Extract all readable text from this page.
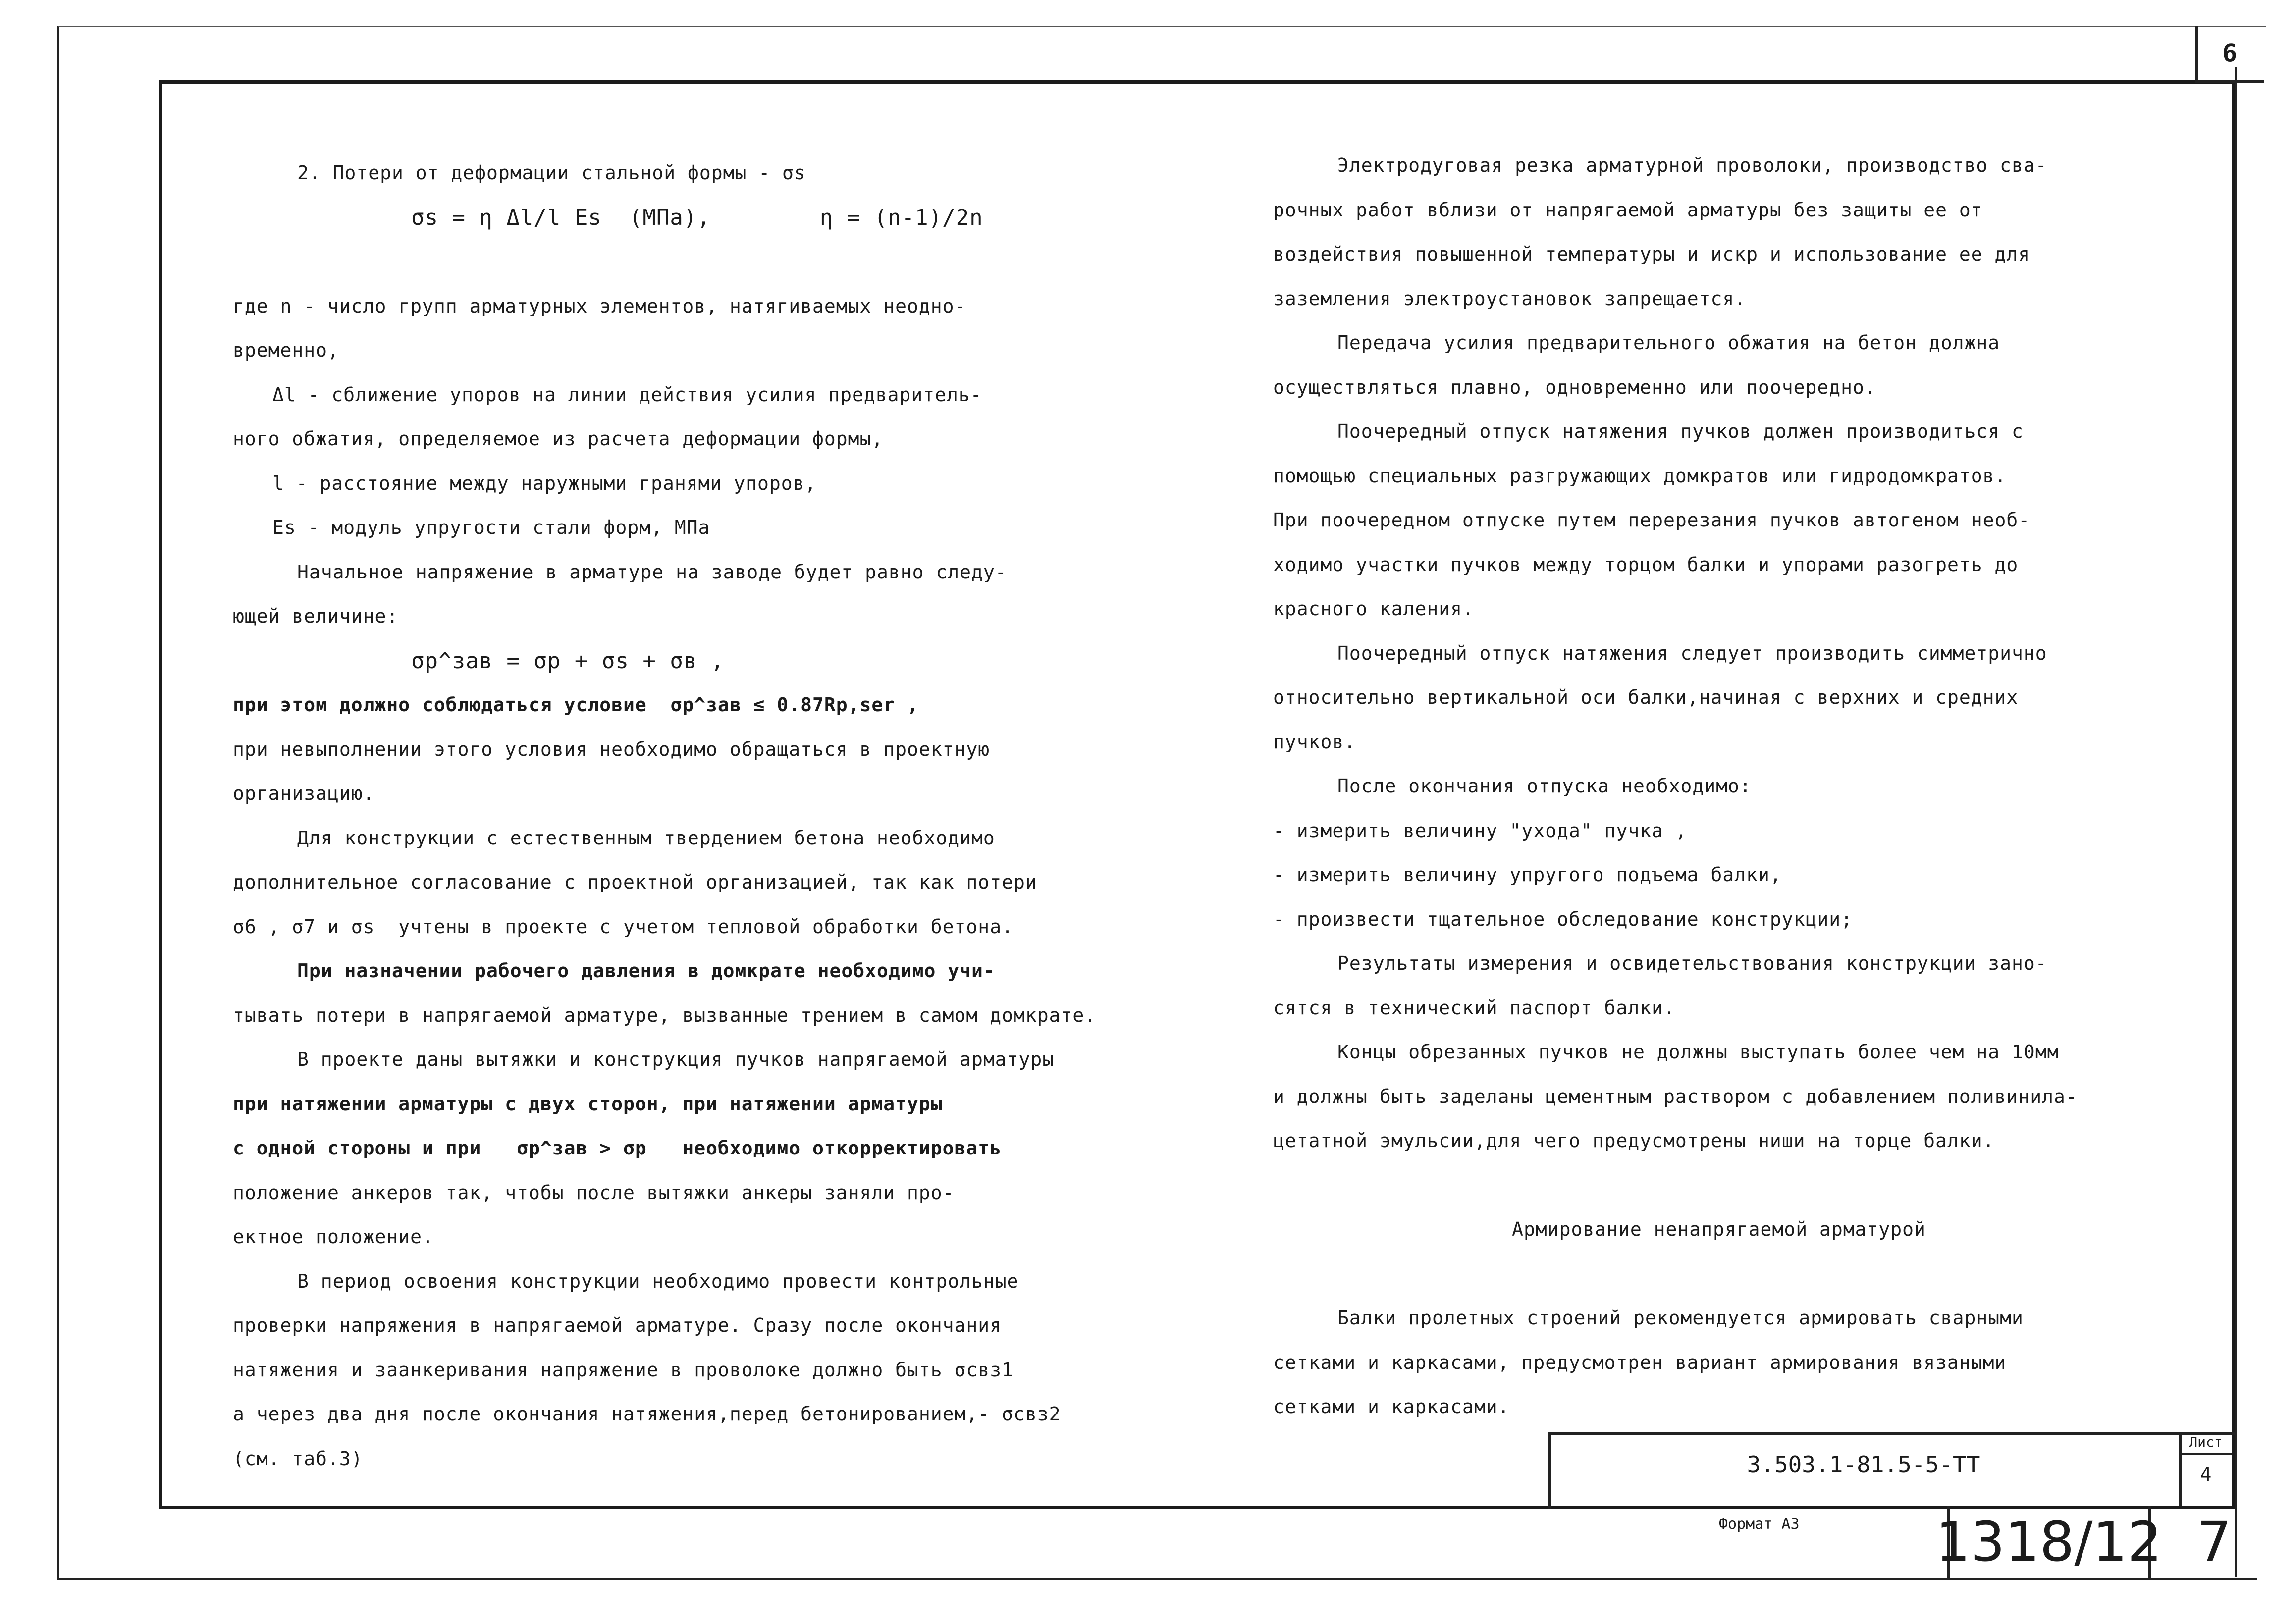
6
2. Потери от деформации стальной формы - σs
σs = η Δl/l Es  (МПа),        η = (n-1)/2n
где n - число групп арматурных элементов, натягиваемых неодно-
временно,
Δl - сближение упоров на линии действия усилия предваритель-
ного обжатия, определяемое из расчета деформации формы,
l - расстояние между наружными гранями упоров,
Es - модуль упругости стали форм, МПа
Начальное напряжение в арматуре на заводе будет равно следу-
ющей величине:
σp^зав = σp + σs + σв ,
при этом должно соблюдаться условие  σp^зав ≤ 0.87Rp,ser ,
при невыполнении этого условия необходимо обращаться в проектную
организацию.
Для конструкции с естественным твердением бетона необходимо
дополнительное согласование с проектной организацией, так как потери
σ6 , σ7 и σs  учтены в проекте с учетом тепловой обработки бетона.
При назначении рабочего давления в домкрате необходимо учи-
тывать потери в напрягаемой арматуре, вызванные трением в самом домкрате.
В проекте даны вытяжки и конструкция пучков напрягаемой арматуры
при натяжении арматуры с двух сторон, при натяжении арматуры
с одной стороны и при   σp^зав > σp   необходимо откорректировать
положение анкеров так, чтобы после вытяжки анкеры заняли про-
ектное положение.
В период освоения конструкции необходимо провести контрольные
проверки напряжения в напрягаемой арматуре. Сразу после окончания
натяжения и заанкеривания напряжение в проволоке должно быть σсвз1
а через два дня после окончания натяжения,перед бетонированием,- σсвз2
(см. таб.3)
Электродуговая резка арматурной проволоки, производство сва-
рочных работ вблизи от напрягаемой арматуры без защиты ее от
воздействия повышенной температуры и искр и использование ее для
заземления электроустановок запрещается.
Передача усилия предварительного обжатия на бетон должна
осуществляться плавно, одновременно или поочередно.
Поочередный отпуск натяжения пучков должен производиться с
помощью специальных разгружающих домкратов или гидродомкратов.
При поочередном отпуске путем перерезания пучков автогеном необ-
ходимо участки пучков между торцом балки и упорами разогреть до
красного каления.
Поочередный отпуск натяжения следует производить симметрично
относительно вертикальной оси балки,начиная с верхних и средних
пучков.
После окончания отпуска необходимо:
- измерить величину "ухода" пучка ,
- измерить величину упругого подъема балки,
- произвести тщательное обследование конструкции;
Результаты измерения и освидетельствования конструкции зано-
сятся в технический паспорт балки.
Концы обрезанных пучков не должны выступать более чем на 10мм
и должны быть заделаны цементным раствором с добавлением поливинила-
цетатной эмульсии,для чего предусмотрены ниши на торце балки.
Армирование ненапрягаемой арматурой
Балки пролетных строений рекомендуется армировать сварными
сетками и каркасами, предусмотрен вариант армирования вязаными
сетками и каркасами.
3.503.1-81.5-5-ТТ
Лист
4
Формат А3 1318/12 7
